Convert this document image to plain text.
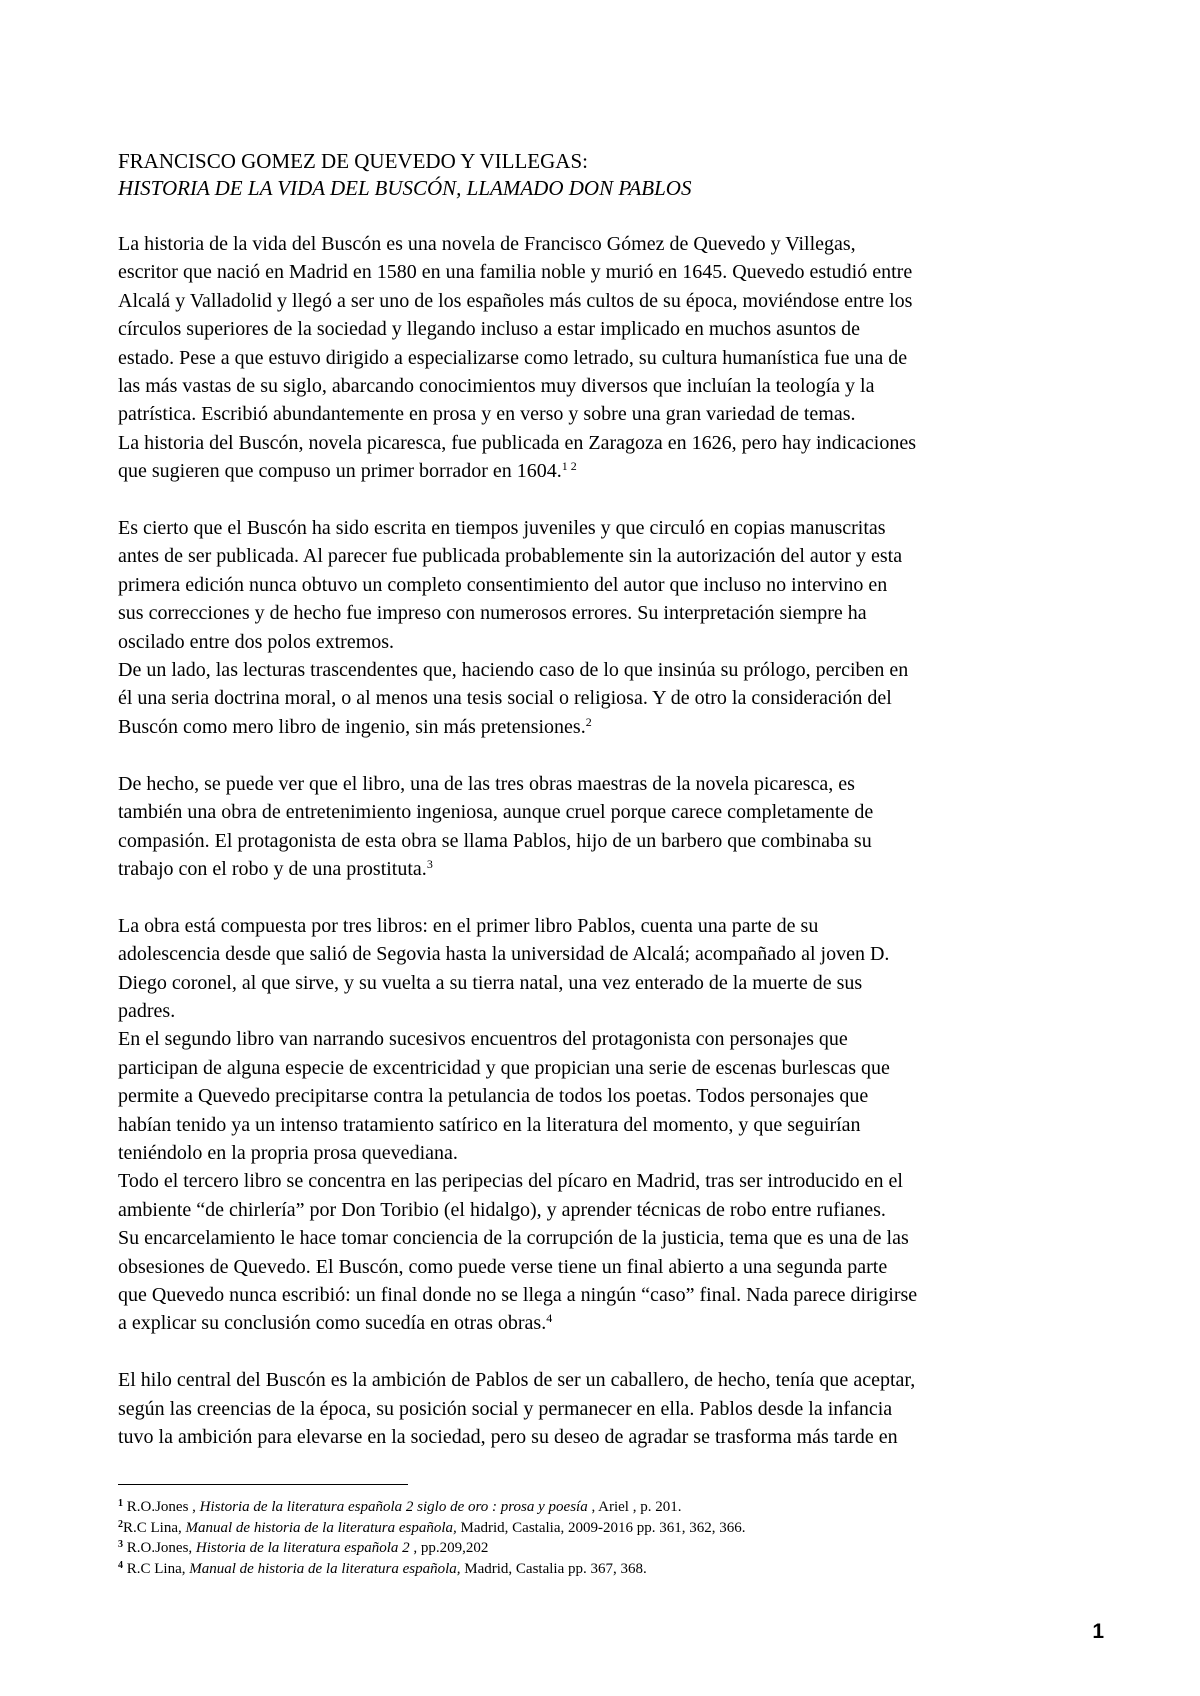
FRANCISCO GOMEZ DE QUEVEDO Y VILLEGAS:
HISTORIA DE LA VIDA DEL BUSCÓN, LLAMADO DON PABLOS
La historia de la vida del Buscón es una novela de Francisco Gómez de Quevedo y Villegas,
escritor que nació en Madrid en 1580 en una familia noble y murió en 1645. Quevedo estudió entre
Alcalá y Valladolid y llegó a ser uno de los españoles más cultos de su época, moviéndose entre los
círculos superiores de la sociedad y llegando incluso a estar implicado en muchos asuntos de
estado. Pese a que estuvo dirigido a especializarse como letrado, su cultura humanística fue una de
las más vastas de su siglo, abarcando conocimientos muy diversos que incluían la teología y la
patrística. Escribió abundantemente en prosa y en verso y sobre una gran variedad de temas.
La historia del Buscón, novela picaresca, fue publicada en Zaragoza en 1626, pero hay indicaciones
que sugieren que compuso un primer borrador en 1604.$^{1 2}$
Es cierto que el Buscón ha sido escrita en tiempos juveniles y que circuló en copias manuscritas
antes de ser publicada. Al parecer fue publicada probablemente sin la autorización del autor y esta
primera edición nunca obtuvo un completo consentimiento del autor que incluso no intervino en
sus correcciones y de hecho fue impreso con numerosos errores. Su interpretación siempre ha
oscilado entre dos polos extremos.
De un lado, las lecturas trascendentes que, haciendo caso de lo que insinúa su prólogo, perciben en
él una seria doctrina moral, o al menos una tesis social o religiosa. Y de otro la consideración del
Buscón como mero libro de ingenio, sin más pretensiones.$^2$
De hecho, se puede ver que el libro, una de las tres obras maestras de la novela picaresca, es
también una obra de entretenimiento ingeniosa, aunque cruel porque carece completamente de
compasión. El protagonista de esta obra se llama Pablos, hijo de un barbero que combinaba su
trabajo con el robo y de una prostituta.$^3$
La obra está compuesta por tres libros: en el primer libro Pablos, cuenta una parte de su
adolescencia desde que salió de Segovia hasta la universidad de Alcalá; acompañado al joven D.
Diego coronel, al que sirve, y su vuelta a su tierra natal, una vez enterado de la muerte de sus
padres.
En el segundo libro van narrando sucesivos encuentros del protagonista con personajes que
participan de alguna especie de excentricidad y que propician una serie de escenas burlescas que
permite a Quevedo precipitarse contra la petulancia de todos los poetas. Todos personajes que
habían tenido ya un intenso tratamiento satírico en la literatura del momento, y que seguirían
teniéndolo en la propria prosa quevediana.
Todo el tercero libro se concentra en las peripecias del pícaro en Madrid, tras ser introducido en el
ambiente “de chirlería” por Don Toribio (el hidalgo), y aprender técnicas de robo entre rufianes.
Su encarcelamiento le hace tomar conciencia de la corrupción de la justicia, tema que es una de las
obsesiones de Quevedo. El Buscón, como puede verse tiene un final abierto a una segunda parte
que Quevedo nunca escribió: un final donde no se llega a ningún “caso” final. Nada parece dirigirse
a explicar su conclusión como sucedía en otras obras.$^4$
El hilo central del Buscón es la ambición de Pablos de ser un caballero, de hecho, tenía que aceptar,
según las creencias de la época, su posición social y permanecer en ella. Pablos desde la infancia
tuvo la ambición para elevarse en la sociedad, pero su deseo de agradar se trasforma más tarde en
$^1$ R.O.Jones , Historia de la literatura española 2 siglo de oro : prosa y poesía , Ariel , p. 201.
$^2$R.C Lina, Manual de historia de la literatura española, Madrid, Castalia, 2009-2016 pp. 361, 362, 366.
$^3$ R.O.Jones, Historia de la literatura española 2 , pp.209,202
$^4$ R.C Lina, Manual de historia de la literatura española, Madrid, Castalia pp. 367, 368.
1
